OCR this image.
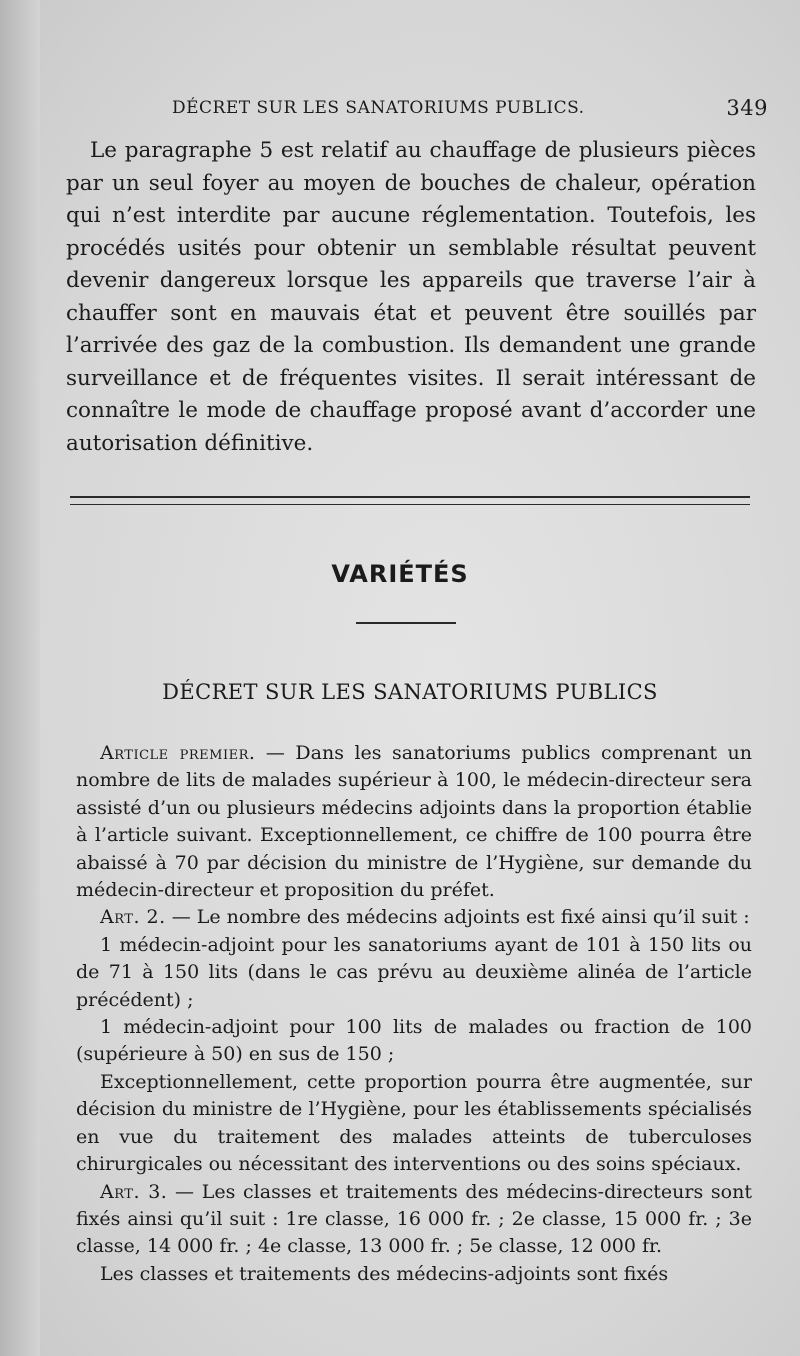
DÉCRET SUR LES SANATORIUMS PUBLICS.	349

Le paragraphe 5 est relatif au chauffage de plusieurs pièces par un seul foyer au moyen de bouches de chaleur, opération qui n’est interdite par aucune réglementation. Toutefois, les procédés usités pour obtenir un semblable résultat peuvent devenir dangereux lorsque les appareils que traverse l’air à chauffer sont en mauvais état et peuvent être souillés par l’arrivée des gaz de la combustion. Ils demandent une grande surveillance et de fréquentes visites. Il serait intéressant de connaître le mode de chauffage proposé avant d’accorder une autorisation définitive.

VARIÉTÉS
DÉCRET SUR LES SANATORIUMS PUBLICS

Article premier. — Dans les sanatoriums publics comprenant un nombre de lits de malades supérieur à 100, le médecin-directeur sera assisté d’un ou plusieurs médecins adjoints dans la proportion établie à l’article suivant. Exceptionnellement, ce chiffre de 100 pourra être abaissé à 70 par décision du ministre de l’Hygiène, sur demande du médecin-directeur et proposition du préfet.

Art. 2. — Le nombre des médecins adjoints est fixé ainsi qu’il suit :

1 médecin-adjoint pour les sanatoriums ayant de 101 à 150 lits ou de 71 à 150 lits (dans le cas prévu au deuxième alinéa de l’article précédent) ;

1 médecin-adjoint pour 100 lits de malades ou fraction de 100 (supérieure à 50) en sus de 150 ;

Exceptionnellement, cette proportion pourra être augmentée, sur décision du ministre de l’Hygiène, pour les établissements spécialisés en vue du traitement des malades atteints de tuberculoses chirurgicales ou nécessitant des interventions ou des soins spéciaux.

Art. 3. — Les classes et traitements des médecins-directeurs sont fixés ainsi qu’il suit : 1re classe, 16 000 fr. ; 2e classe, 15 000 fr. ; 3e classe, 14 000 fr. ; 4e classe, 13 000 fr. ; 5e classe, 12 000 fr.

Les classes et traitements des médecins-adjoints sont fixés
